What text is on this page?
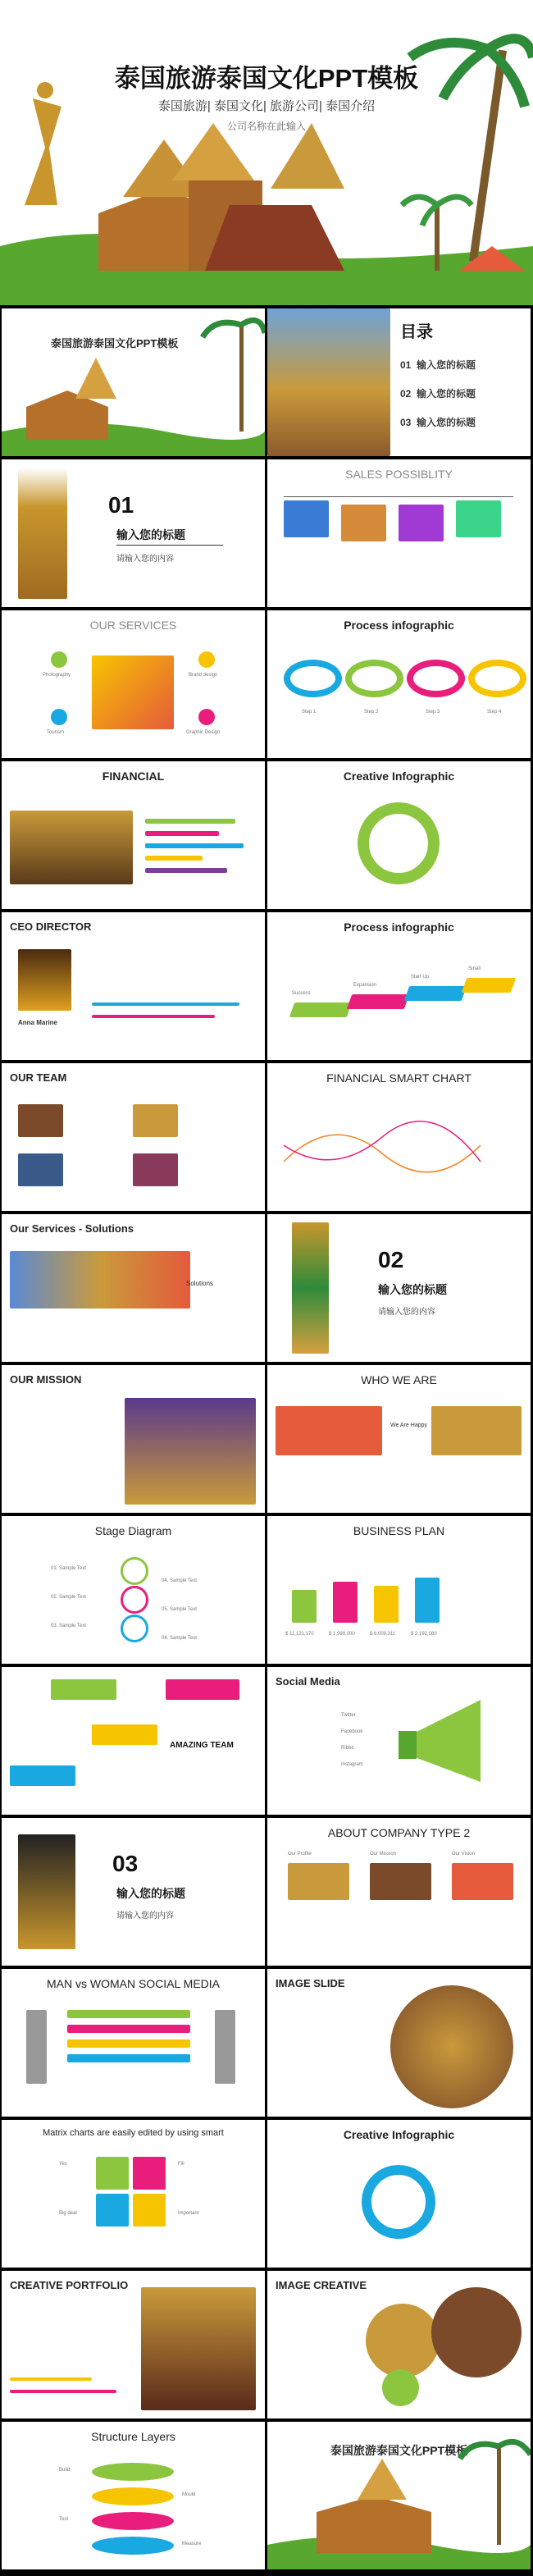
泰国旅游泰国文化PPT模板
泰国旅游| 泰国文化| 旅游公司| 泰国介绍
公司名称在此输入
泰国旅游泰国文化PPT模板
目录
01 输入您的标题
02 输入您的标题
03 输入您的标题
01
输入您的标题
请输入您的内容
SALES POSSIBLITY
OUR SERVICES
Photography	Brand design
Tourism	Graphic Design
Process infographic
Step 1	Step 2	Step 3	Step 4
FINANCIAL	Creative Infographic
CEO DIRECTOR
Anna Marine
Process infographic
Success
Expansion
Start Up
Small
OUR TEAM	FINANCIAL SMART CHART
Our Services - Solutions
Solutions
02
输入您的标题
请输入您的内容
OUR MISSION	WHO WE ARE
We Are Happy
Stage Diagram
01. Sample Text
02. Sample Text
03. Sample Text
04. Sample Text
05. Sample Text
06. Sample Text
BUSINESS PLAN
$ 11,121,170	$ 1,999,000	$ 6,009,311	$ 2,192,080
AMAZING TEAM
Social Media
Twitter
Facebook
Ribbit
Instagram
03
输入您的标题
请输入您的内容
ABOUT COMPANY TYPE 2
Our Profile	Our Mission	Our Vision
MAN vs WOMAN SOCIAL MEDIA	IMAGE SLIDE
Matrix charts are easily edited by using smart
Yes	Fill
Big deal	Important
Creative Infographic
CREATIVE PORTFOLIO	IMAGE CREATIVE
Structure Layers
Build
Mould
Test
Measure
泰国旅游泰国文化PPT模板
